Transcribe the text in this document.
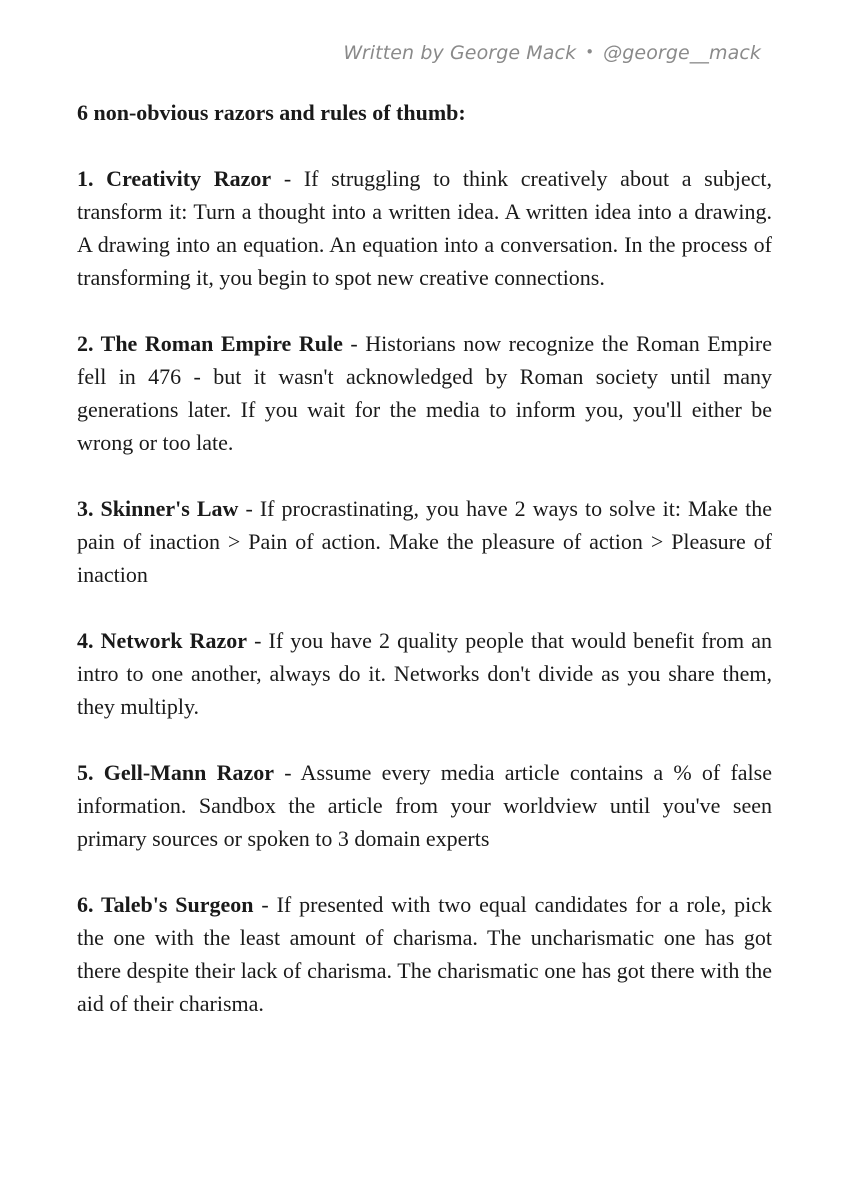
Written by George Mack • @george__mack
6 non-obvious razors and rules of thumb:

1. Creativity Razor - If struggling to think creatively about a subject, transform it: Turn a thought into a written idea. A written idea into a drawing. A drawing into an equation. An equation into a conversation. In the process of transforming it, you begin to spot new creative connections.

2. The Roman Empire Rule - Historians now recognize the Roman Empire fell in 476 - but it wasn't acknowledged by Roman society until many generations later. If you wait for the media to inform you, you'll either be wrong or too late.

3. Skinner's Law - If procrastinating, you have 2 ways to solve it: Make the pain of inaction > Pain of action. Make the pleasure of action > Pleasure of inaction

4. Network Razor - If you have 2 quality people that would benefit from an intro to one another, always do it. Networks don't divide as you share them, they multiply.

5. Gell-Mann Razor - Assume every media article contains a % of false information. Sandbox the article from your worldview until you've seen primary sources or spoken to 3 domain experts

6. Taleb's Surgeon - If presented with two equal candidates for a role, pick the one with the least amount of charisma. The uncharismatic one has got there despite their lack of charisma. The charismatic one has got there with the aid of their charisma.
